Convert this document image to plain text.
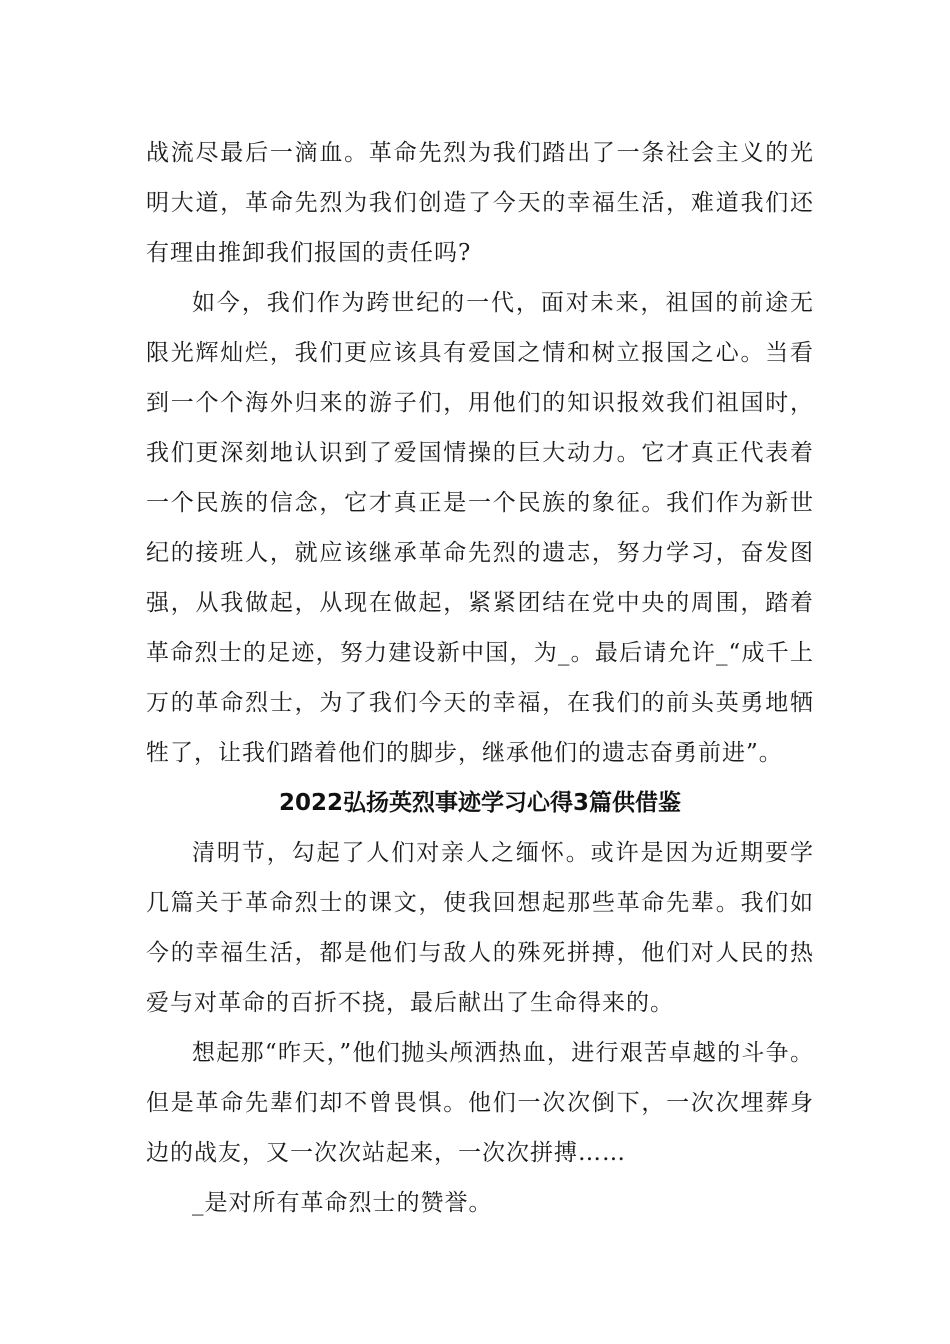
战流尽最后一滴血。革命先烈为我们踏出了一条社会主义的光明大道，革命先烈为我们创造了今天的幸福生活，难道我们还有理由推卸我们报国的责任吗?

如今，我们作为跨世纪的一代，面对未来，祖国的前途无限光辉灿烂，我们更应该具有爱国之情和树立报国之心。当看到一个个海外归来的游子们，用他们的知识报效我们祖国时，我们更深刻地认识到了爱国情操的巨大动力。它才真正代表着一个民族的信念，它才真正是一个民族的象征。我们作为新世纪的接班人，就应该继承革命先烈的遗志，努力学习，奋发图强，从我做起，从现在做起，紧紧团结在党中央的周围，踏着革命烈士的足迹，努力建设新中国，为_。最后请允许_“成千上万的革命烈士，为了我们今天的幸福，在我们的前头英勇地牺牲了，让我们踏着他们的脚步，继承他们的遗志奋勇前进”。

2022弘扬英烈事迹学习心得3篇供借鉴

清明节，勾起了人们对亲人之缅怀。或许是因为近期要学几篇关于革命烈士的课文，使我回想起那些革命先辈。我们如今的幸福生活，都是他们与敌人的殊死拼搏，他们对人民的热爱与对革命的百折不挠，最后献出了生命得来的。

想起那“昨天，”他们抛头颅洒热血，进行艰苦卓越的斗争。但是革命先辈们却不曾畏惧。他们一次次倒下，一次次埋葬身边的战友，又一次次站起来，一次次拼搏……

_是对所有革命烈士的赞誉。
